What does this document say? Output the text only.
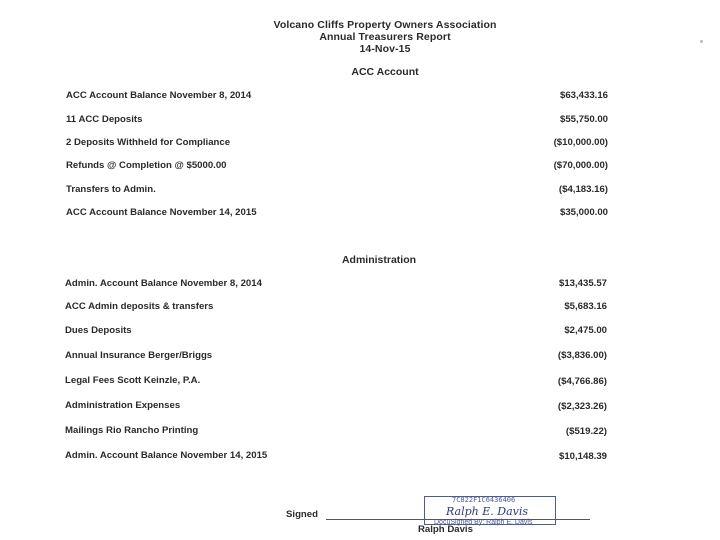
Volcano Cliffs Property Owners Association
Annual Treasurers Report
14-Nov-15
ACC Account
ACC Account Balance November 8, 2014	$63,433.16
11 ACC Deposits	$55,750.00
2 Deposits Withheld for Compliance	($10,000.00)
Refunds @ Completion @ $5000.00	($70,000.00)
Transfers to Admin.	($4,183.16)
ACC Account Balance November 14, 2015	$35,000.00
Administration
Admin. Account Balance November 8, 2014	$13,435.57
ACC Admin deposits & transfers	$5,683.16
Dues Deposits	$2,475.00
Annual Insurance Berger/Briggs	($3,836.00)
Legal Fees Scott Keinzle, P.A.	($4,766.86)
Administration Expenses	($2,323.26)
Mailings Rio Rancho Printing	($519.22)
Admin. Account Balance November 14, 2015	$10,148.39
Signed
7C822F1C6436406
Ralph E. Davis
DocuSigned By: Ralph E. Davis
Ralph Davis
